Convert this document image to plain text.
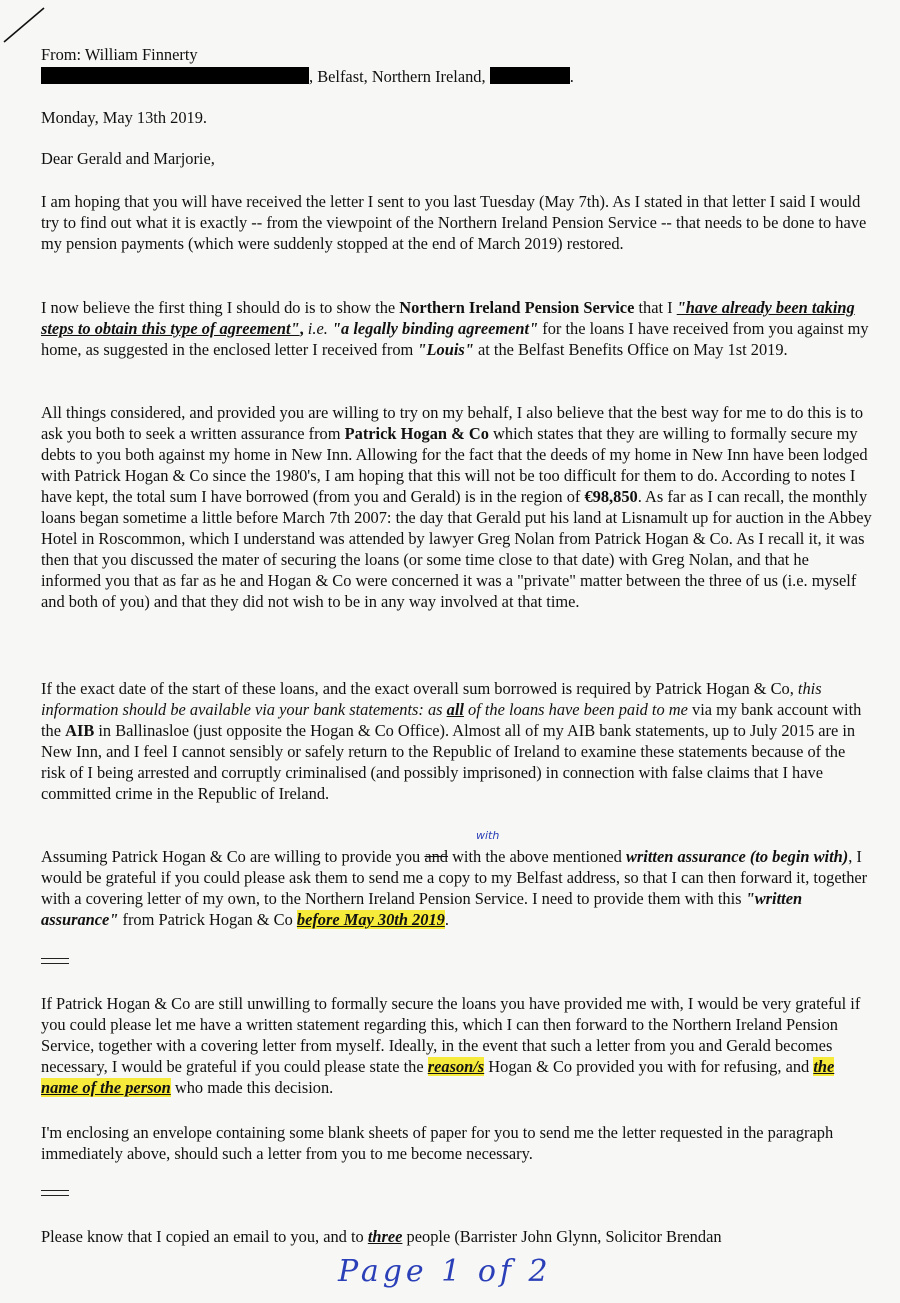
From: William Finnerty
, Belfast, Northern Ireland,	.
Monday, May 13th 2019.
Dear Gerald and Marjorie,
I am hoping that you will have received the letter I sent to you last Tuesday (May 7th). As I stated in that letter I said I would try to find out what it is exactly -- from the viewpoint of the Northern Ireland Pension Service -- that needs to be done to have my pension payments (which were suddenly stopped at the end of March 2019) restored.
I now believe the first thing I should do is to show the Northern Ireland Pension Service that I "have already been taking steps to obtain this type of agreement", i.e. "a legally binding agreement" for the loans I have received from you against my home, as suggested in the enclosed letter I received from "Louis" at the Belfast Benefits Office on May 1st 2019.
All things considered, and provided you are willing to try on my behalf, I also believe that the best way for me to do this is to ask you both to seek a written assurance from Patrick Hogan & Co which states that they are willing to formally secure my debts to you both against my home in New Inn. Allowing for the fact that the deeds of my home in New Inn have been lodged with Patrick Hogan & Co since the 1980's, I am hoping that this will not be too difficult for them to do. According to notes I have kept, the total sum I have borrowed (from you and Gerald) is in the region of €98,850. As far as I can recall, the monthly loans began sometime a little before March 7th 2007: the day that Gerald put his land at Lisnamult up for auction in the Abbey Hotel in Roscommon, which I understand was attended by lawyer Greg Nolan from Patrick Hogan & Co. As I recall it, it was then that you discussed the mater of securing the loans (or some time close to that date) with Greg Nolan, and that he informed you that as far as he and Hogan & Co were concerned it was a "private" matter between the three of us (i.e. myself and both of you) and that they did not wish to be in any way involved at that time.
If the exact date of the start of these loans, and the exact overall sum borrowed is required by Patrick Hogan & Co, this information should be available via your bank statements: as all of the loans have been paid to me via my bank account with the AIB in Ballinasloe (just opposite the Hogan & Co Office). Almost all of my AIB bank statements, up to July 2015 are in New Inn, and I feel I cannot sensibly or safely return to the Republic of Ireland to examine these statements because of the risk of I being arrested and corruptly criminalised (and possibly imprisoned) in connection with false claims that I have committed crime in the Republic of Ireland.
with
Assuming Patrick Hogan & Co are willing to provide you and with the above mentioned written assurance (to begin with), I would be grateful if you could please ask them to send me a copy to my Belfast address, so that I can then forward it, together with a covering letter of my own, to the Northern Ireland Pension Service. I need to provide them with this "written assurance" from Patrick Hogan & Co before May 30th 2019.
If Patrick Hogan & Co are still unwilling to formally secure the loans you have provided me with, I would be very grateful if you could please let me have a written statement regarding this, which I can then forward to the Northern Ireland Pension Service, together with a covering letter from myself. Ideally, in the event that such a letter from you and Gerald becomes necessary, I would be grateful if you could please state the reason/s Hogan & Co provided you with for refusing, and the name of the person who made this decision.
I'm enclosing an envelope containing some blank sheets of paper for you to send me the letter requested in the paragraph immediately above, should such a letter from you to me become necessary.
Please know that I copied an email to you, and to three people (Barrister John Glynn, Solicitor Brendan
Page 1 of 2
